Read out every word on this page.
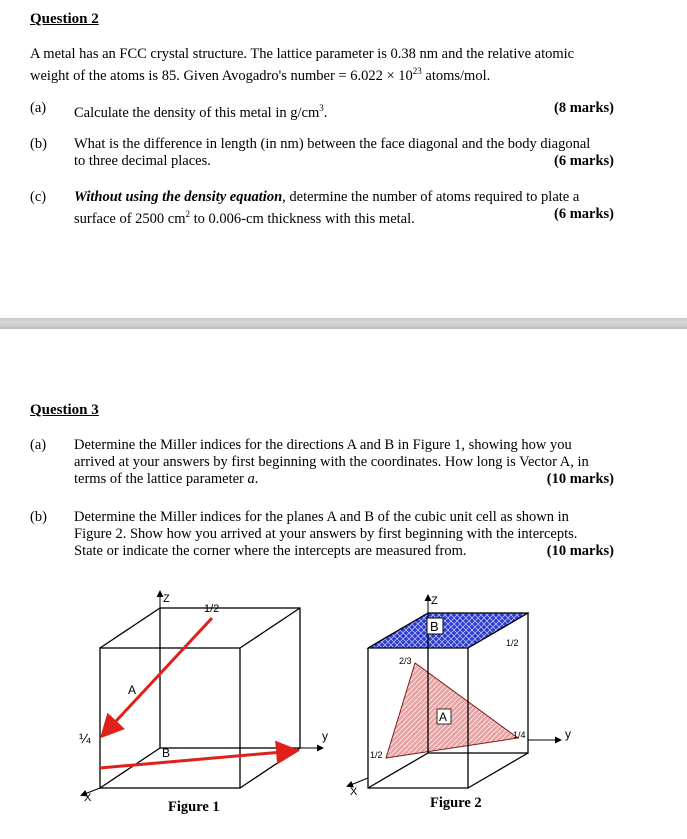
Question 2
A metal has an FCC crystal structure. The lattice parameter is 0.38 nm and the relative atomic
weight of the atoms is 85. Given Avogadro's number = $6.022 \times 10^{23}$ atoms/mol.
(a) Calculate the density of this metal in $g/cm^3$.	(8 marks)
(b) What is the difference in length (in nm) between the face diagonal and the body diagonal
to three decimal places.	(6 marks)
(c) Without using the density equation, determine the number of atoms required to plate a
surface of 2500 $cm^2$ to 0.006-cm thickness with this metal.	(6 marks)
Question 3
(a) Determine the Miller indices for the directions A and B in Figure 1, showing how you
arrived at your answers by first beginning with the coordinates. How long is Vector A, in
terms of the lattice parameter a.	(10 marks)
(b) Determine the Miller indices for the planes A and B of the cubic unit cell as shown in
Figure 2. Show how you arrived at your answers by first beginning with the intercepts.
State or indicate the corner where the intercepts are measured from.	(10 marks)
Z
y
X
1/2
A
¼
B
Figure 1
B
Z
1/2
2/3
A
1/4	y
1/2
X
Figure 2
